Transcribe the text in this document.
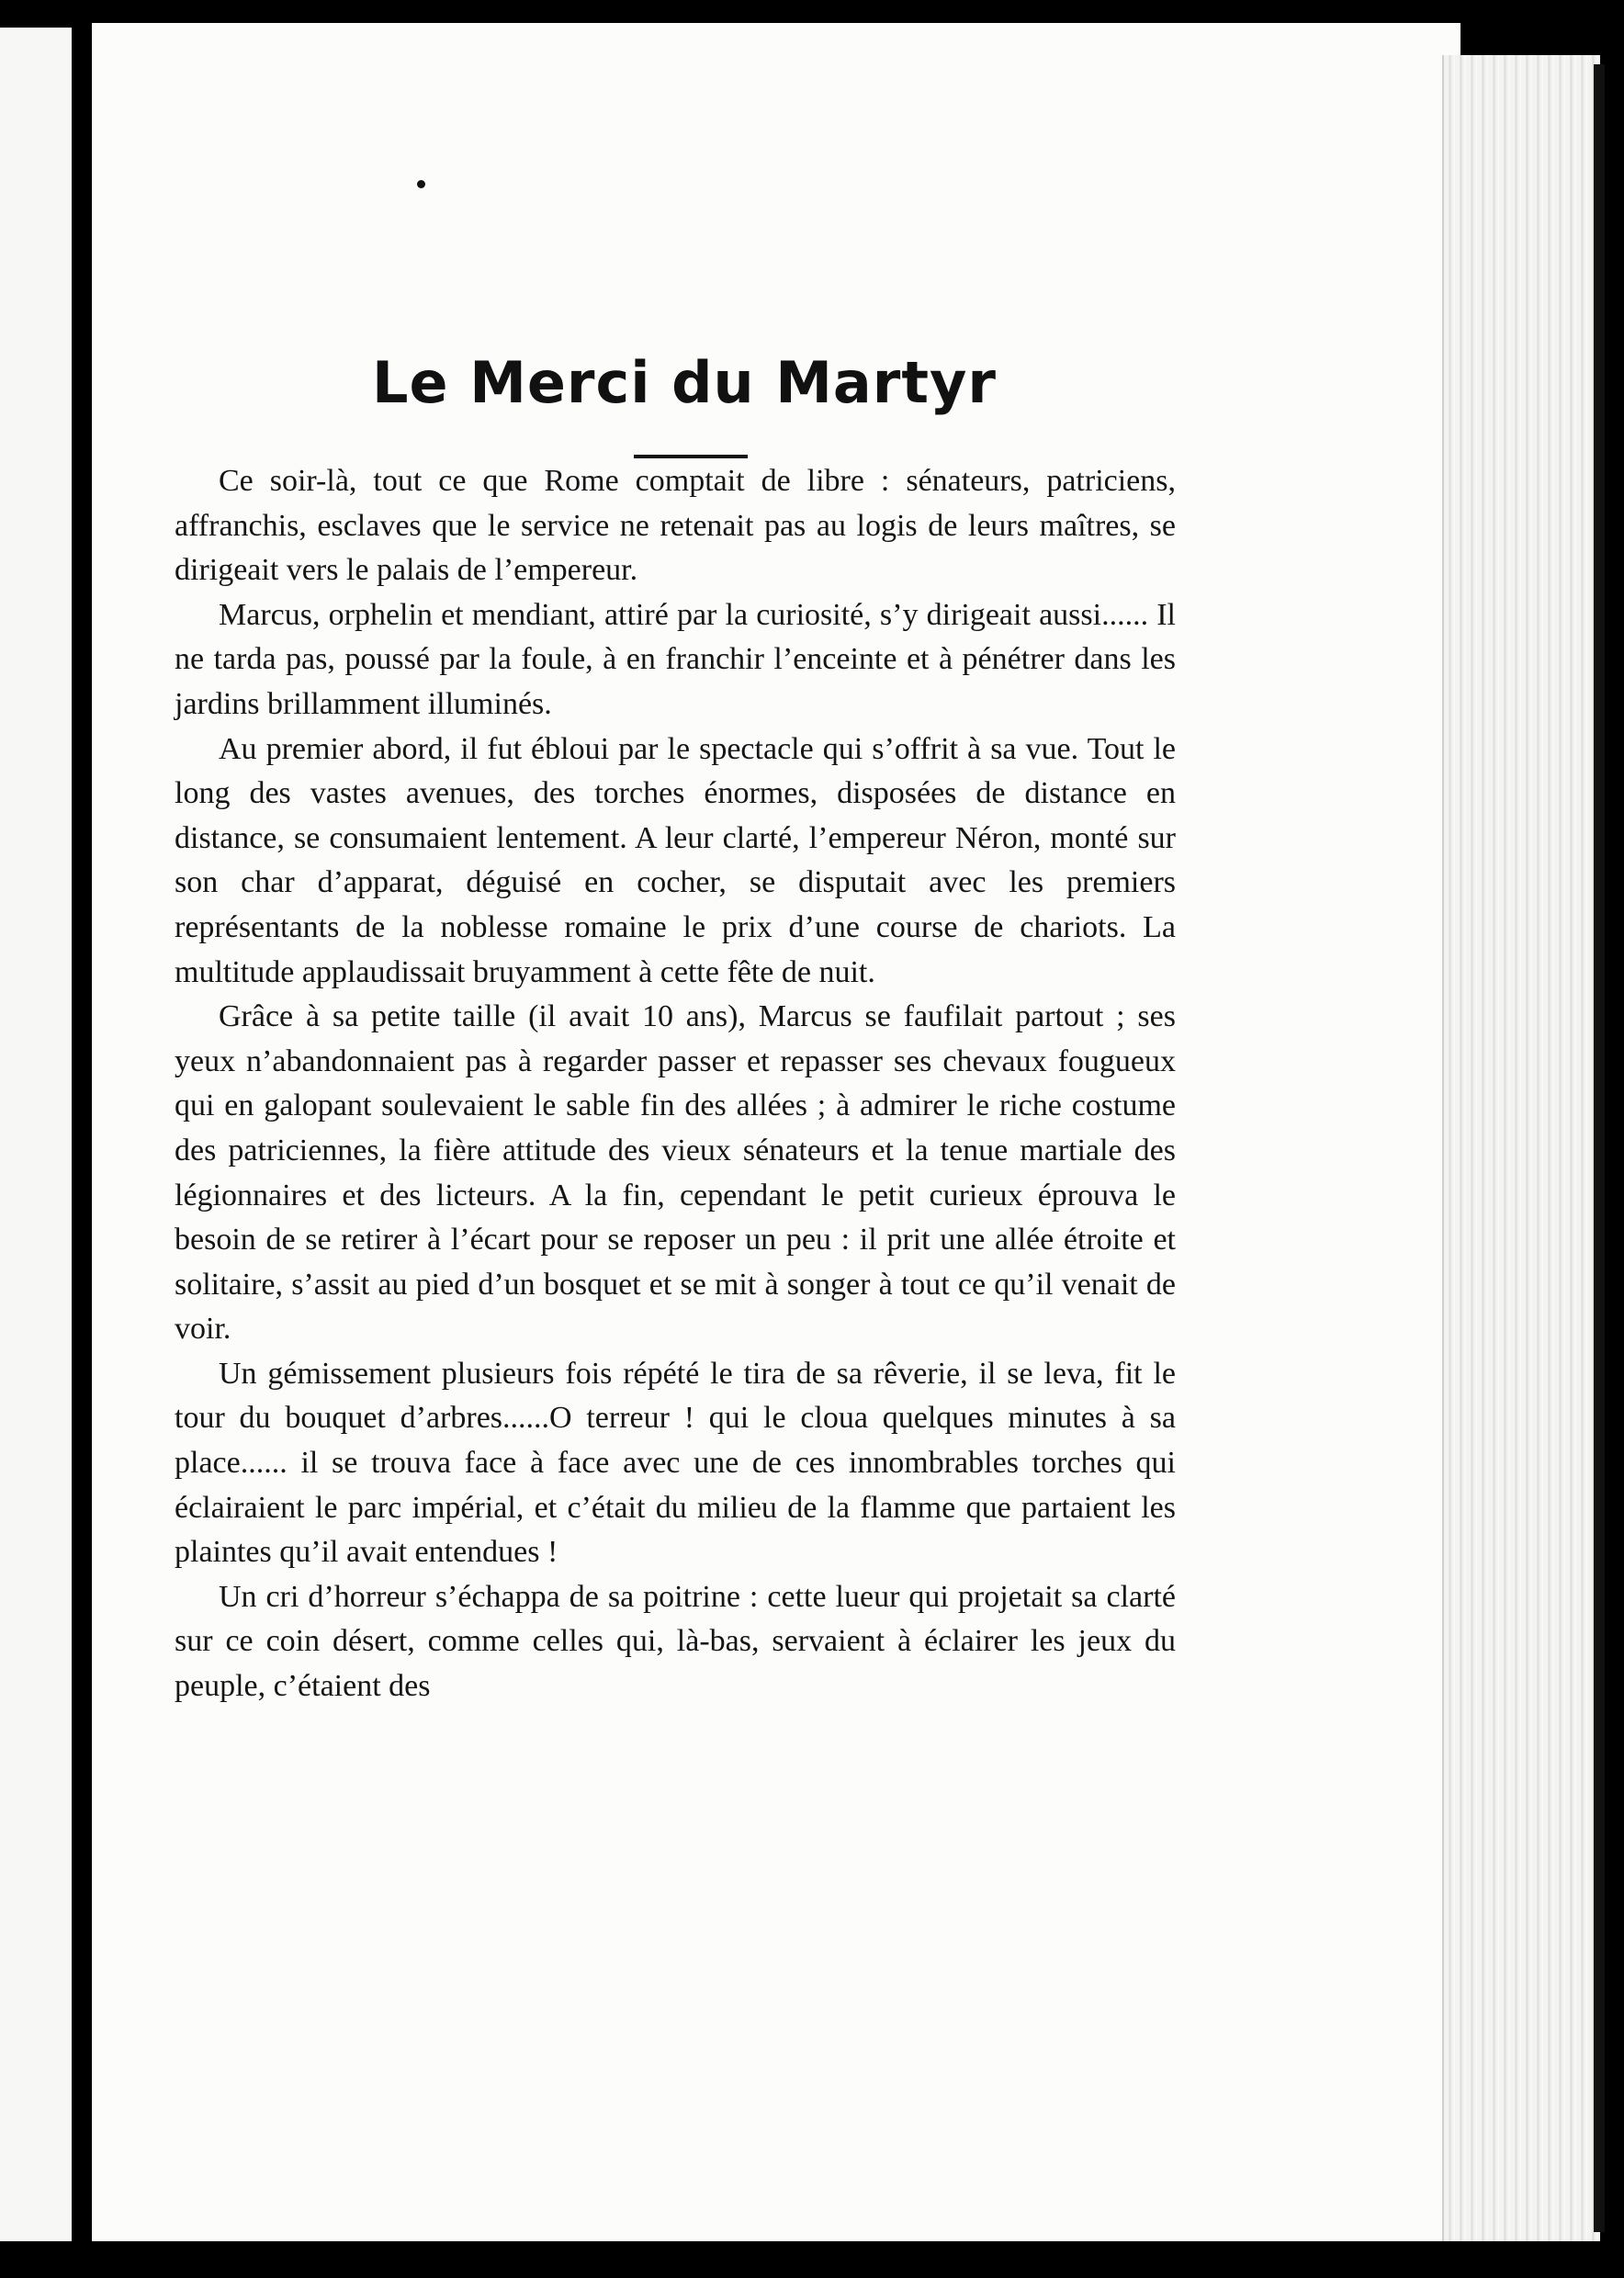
Le Merci du Martyr

Ce soir-là, tout ce que Rome comptait de libre : sénateurs, patriciens, affranchis, esclaves que le service ne retenait pas au logis de leurs maîtres, se dirigeait vers le palais de l’empereur.

Marcus, orphelin et mendiant, attiré par la curiosité, s’y dirigeait aussi...... Il ne tarda pas, poussé par la foule, à en franchir l’enceinte et à pénétrer dans les jardins brillamment illuminés.

Au premier abord, il fut ébloui par le spectacle qui s’offrit à sa vue. Tout le long des vastes avenues, des torches énormes, disposées de distance en distance, se consumaient lentement. A leur clarté, l’empereur Néron, monté sur son char d’apparat, déguisé en cocher, se disputait avec les premiers représentants de la noblesse romaine le prix d’une course de chariots. La multitude applaudissait bruyamment à cette fête de nuit.

Grâce à sa petite taille (il avait 10 ans), Marcus se faufilait partout ; ses yeux n’abandonnaient pas à regarder passer et repasser ses chevaux fougueux qui en galopant soulevaient le sable fin des allées ; à admirer le riche costume des patriciennes, la fière attitude des vieux sénateurs et la tenue martiale des légionnaires et des licteurs. A la fin, cependant le petit curieux éprouva le besoin de se retirer à l’écart pour se reposer un peu : il prit une allée étroite et solitaire, s’assit au pied d’un bosquet et se mit à songer à tout ce qu’il venait de voir.

Un gémissement plusieurs fois répété le tira de sa rêverie, il se leva, fit le tour du bouquet d’arbres......O terreur ! qui le cloua quelques minutes à sa place...... il se trouva face à face avec une de ces innombrables torches qui éclairaient le parc impérial, et c’était du milieu de la flamme que partaient les plaintes qu’il avait entendues !

Un cri d’horreur s’échappa de sa poitrine : cette lueur qui projetait sa clarté sur ce coin désert, comme celles qui, là-bas, servaient à éclairer les jeux du peuple, c’étaient des
